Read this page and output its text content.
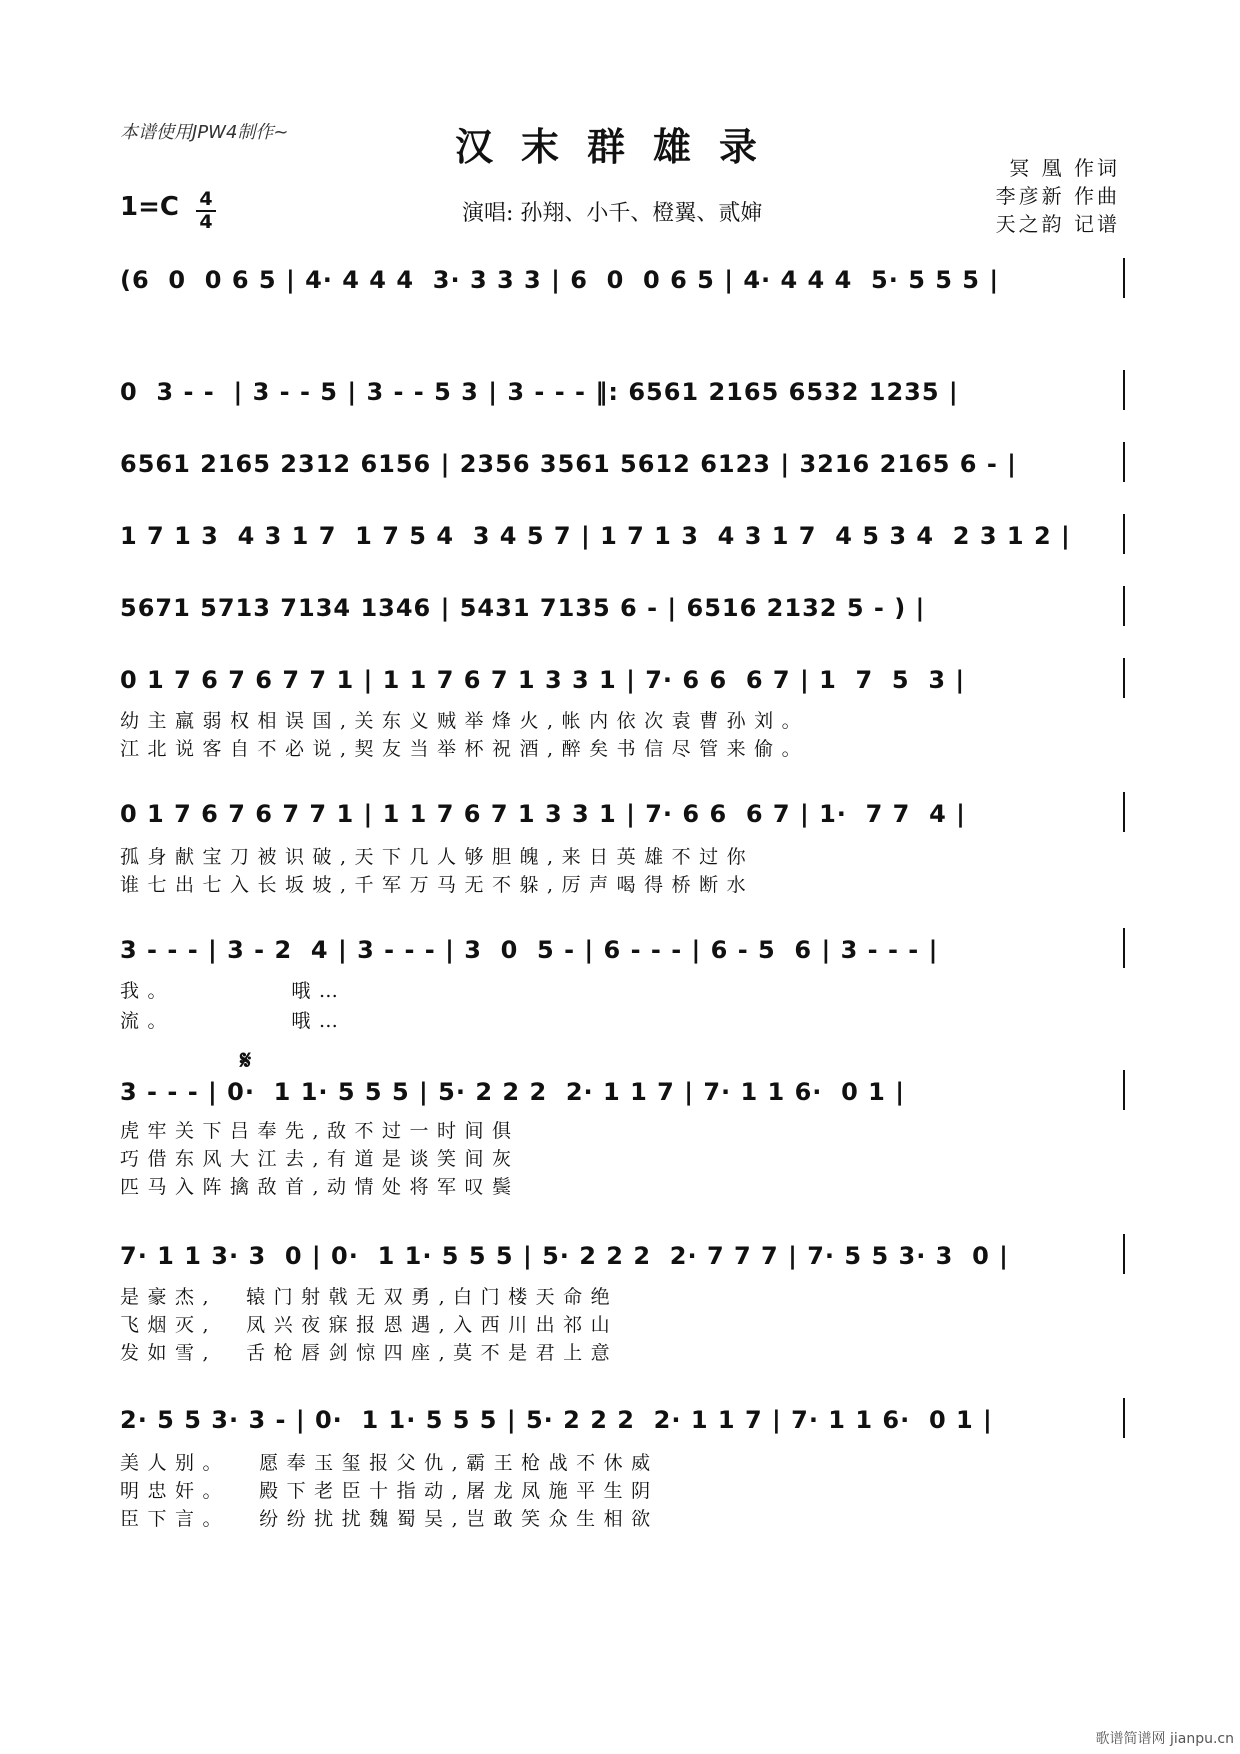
本谱使用JPW4制作~	汉末群雄录	冥 凰 作词
李彦新 作曲
天之韵 记谱
1=C 4
4	演唱: 孙翔、小千、橙翼、贰婶
(6  0  0 6 5 | 4· 4 4 4  3· 3 3 3 | 6  0  0 6 5 | 4· 4 4 4  5· 5 5 5 |
0  3 - -  | 3 - - 5 | 3 - - 5 3 | 3 - - - ‖: 6561 2165 6532 1235 |
6561 2165 2312 6156 | 2356 3561 5612 6123 | 3216 2165 6 - |
1 7 1 3  4 3 1 7  1 7 5 4  3 4 5 7 | 1 7 1 3  4 3 1 7  4 5 3 4  2 3 1 2 |
5671 5713 7134 1346 | 5431 7135 6 - | 6516 2132 5 - ) |
0 1 7 6 7 6 7 7 1 | 1 1 7 6 7 1 3 3 1 | 7· 6 6  6 7 | 1  7  5  3 |
幼主羸弱权相误国,关东义贼举烽火,帐内依次袁曹孙刘。
江北说客自不必说,契友当举杯祝酒,醉矣书信尽管来偷。
0 1 7 6 7 6 7 7 1 | 1 1 7 6 7 1 3 3 1 | 7· 6 6  6 7 | 1·  7 7  4 |
孤身献宝刀被识破,天下几人够胆魄,来日英雄不过你
谁七出七入长坂坡,千军万马无不躲,厉声喝得桥断水
3 - - - | 3 - 2  4 | 3 - - - | 3  0  5 - | 6 - - - | 6 - 5  6 | 3 - - - |
我。        哦…
流。        哦…
𝄋
3 - - - | 0·  1 1· 5 5 5 | 5· 2 2 2  2· 1 1 7 | 7· 1 1 6·  0 1 |
虎牢关下吕奉先,敌不过一时间俱
巧借东风大江去,有道是谈笑间灰
匹马入阵擒敌首,动情处将军叹鬓
7· 1 1 3· 3  0 | 0·  1 1· 5 5 5 | 5· 2 2 2  2· 7 7 7 | 7· 5 5 3· 3  0 |
是豪杰,  辕门射戟无双勇,白门楼天命绝
飞烟灭,  凤兴夜寐报恩遇,入西川出祁山
发如雪,  舌枪唇剑惊四座,莫不是君上意
2· 5 5 3· 3 - | 0·  1 1· 5 5 5 | 5· 2 2 2  2· 1 1 7 | 7· 1 1 6·  0 1 |
美人别。  愿奉玉玺报父仇,霸王枪战不休威
明忠奸。  殿下老臣十指动,屠龙凤施平生阴
臣下言。  纷纷扰扰魏蜀吴,岂敢笑众生相欲
歌谱简谱网 jianpu.cn
